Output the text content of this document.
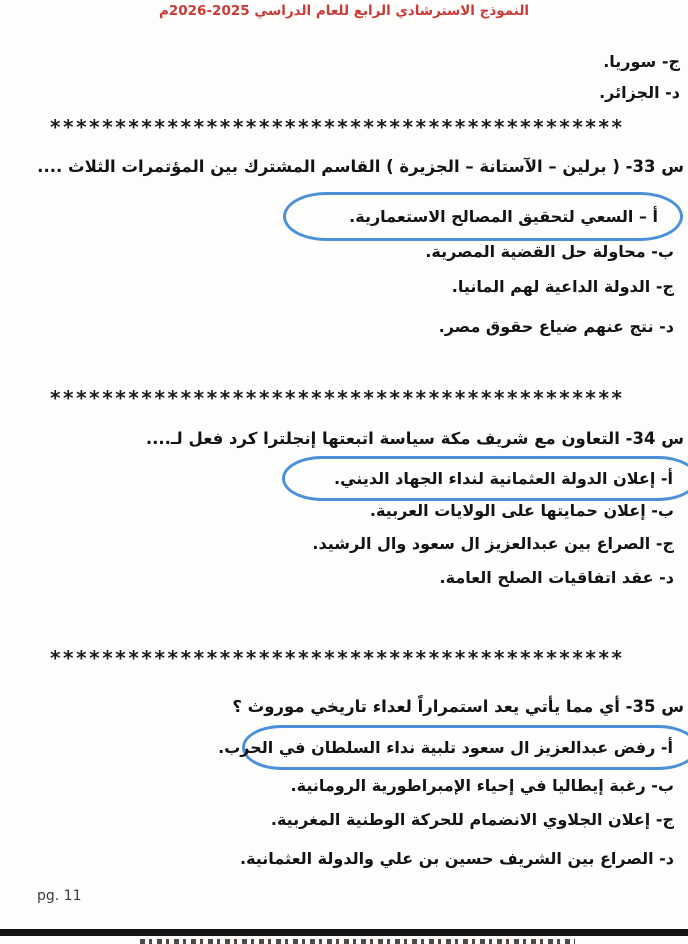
النموذج الاسترشادي الرابع للعام الدراسي 2025‏-‏2026م
ج- سوريا.
د- الجزائر.
********************************************
س 33- ( برلين – الآستانة – الجزيرة ) القاسم المشترك بين المؤتمرات الثلاث ....
أ – السعي لتحقيق المصالح الاستعمارية.
ب- محاولة حل القضية المصرية.
ج- الدولة الداعية لهم المانيا.
د- نتج عنهم ضياع حقوق مصر.
********************************************
س 34- التعاون مع شريف مكة سياسة اتبعتها إنجلترا كرد فعل لـ....
أ- إعلان الدولة العثمانية لنداء الجهاد الديني.
ب- إعلان حمايتها على الولايات العربية.
ج- الصراع بين عبدالعزيز ال سعود وال الرشيد.
د- عقد اتفاقيات الصلح العامة.
********************************************
س 35- أي مما يأتي يعد استمراراً لعداء تاريخي موروث ؟
أ- رفض عبدالعزيز ال سعود تلبية نداء السلطان في الحرب.
ب- رغبة إيطاليا في إحياء الإمبراطورية الرومانية.
ج- إعلان الجلاوي الانضمام للحركة الوطنية المغربية.
د- الصراع بين الشريف حسين بن علي والدولة العثمانية.
pg. 11
